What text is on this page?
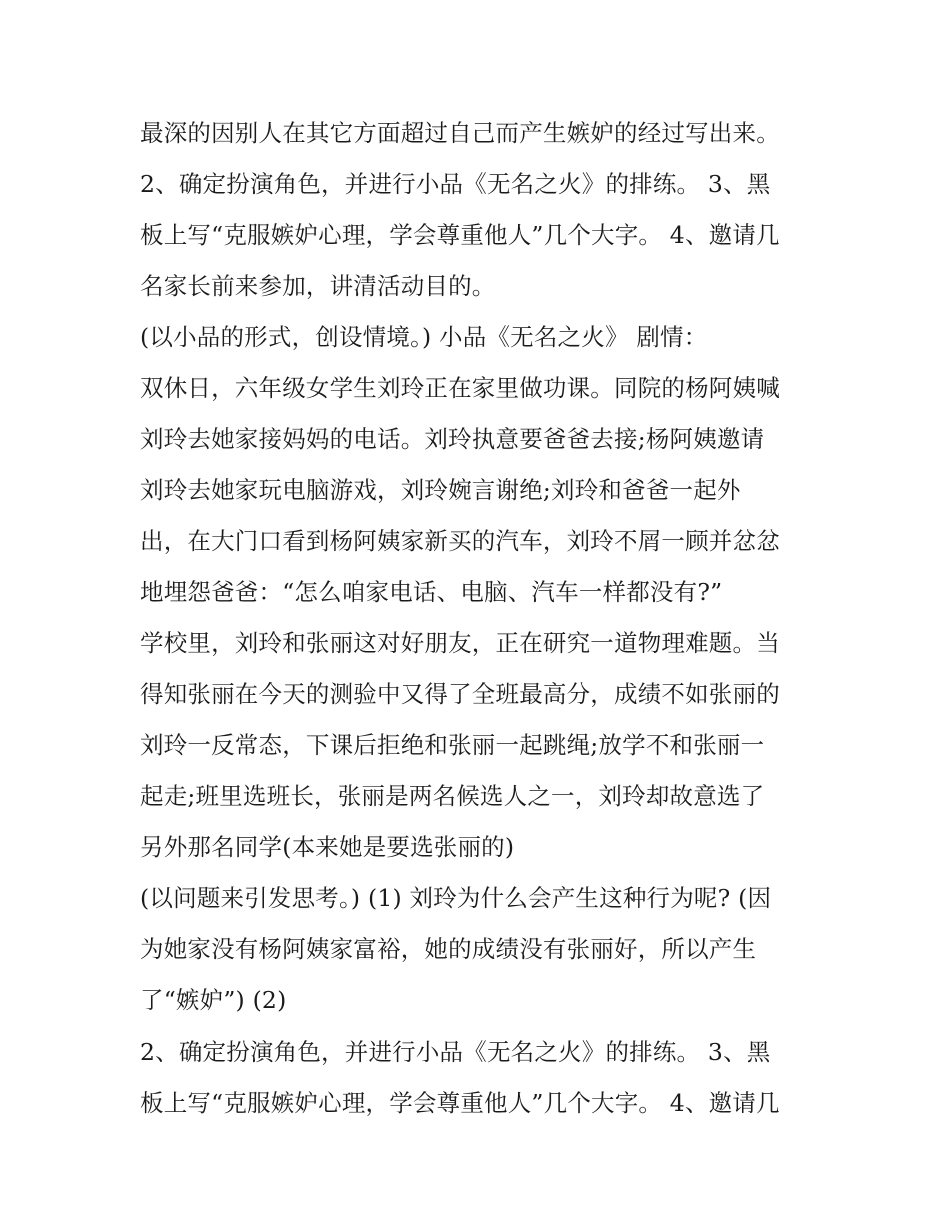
最深的因别人在其它方面超过自己而产生嫉妒的经过写出来。
2、确定扮演角色，并进行小品《无名之火》的排练。 3、黑
板上写“克服嫉妒心理，学会尊重他人”几个大字。 4、邀请几
名家长前来参加，讲清活动目的。
(以小品的形式，创设情境。) 小品《无名之火》 剧情：
双休日，六年级女学生刘玲正在家里做功课。同院的杨阿姨喊
刘玲去她家接妈妈的电话。刘玲执意要爸爸去接;杨阿姨邀请
刘玲去她家玩电脑游戏，刘玲婉言谢绝;刘玲和爸爸一起外
出，在大门口看到杨阿姨家新买的汽车，刘玲不屑一顾并忿忿
地埋怨爸爸：“怎么咱家电话、电脑、汽车一样都没有?”
学校里，刘玲和张丽这对好朋友，正在研究一道物理难题。当
得知张丽在今天的测验中又得了全班最高分，成绩不如张丽的
刘玲一反常态，下课后拒绝和张丽一起跳绳;放学不和张丽一
起走;班里选班长，张丽是两名候选人之一，刘玲却故意选了
另外那名同学(本来她是要选张丽的)
(以问题来引发思考。) (1) 刘玲为什么会产生这种行为呢? (因
为她家没有杨阿姨家富裕，她的成绩没有张丽好，所以产生
了“嫉妒”) (2)
2、确定扮演角色，并进行小品《无名之火》的排练。 3、黑
板上写“克服嫉妒心理，学会尊重他人”几个大字。 4、邀请几
